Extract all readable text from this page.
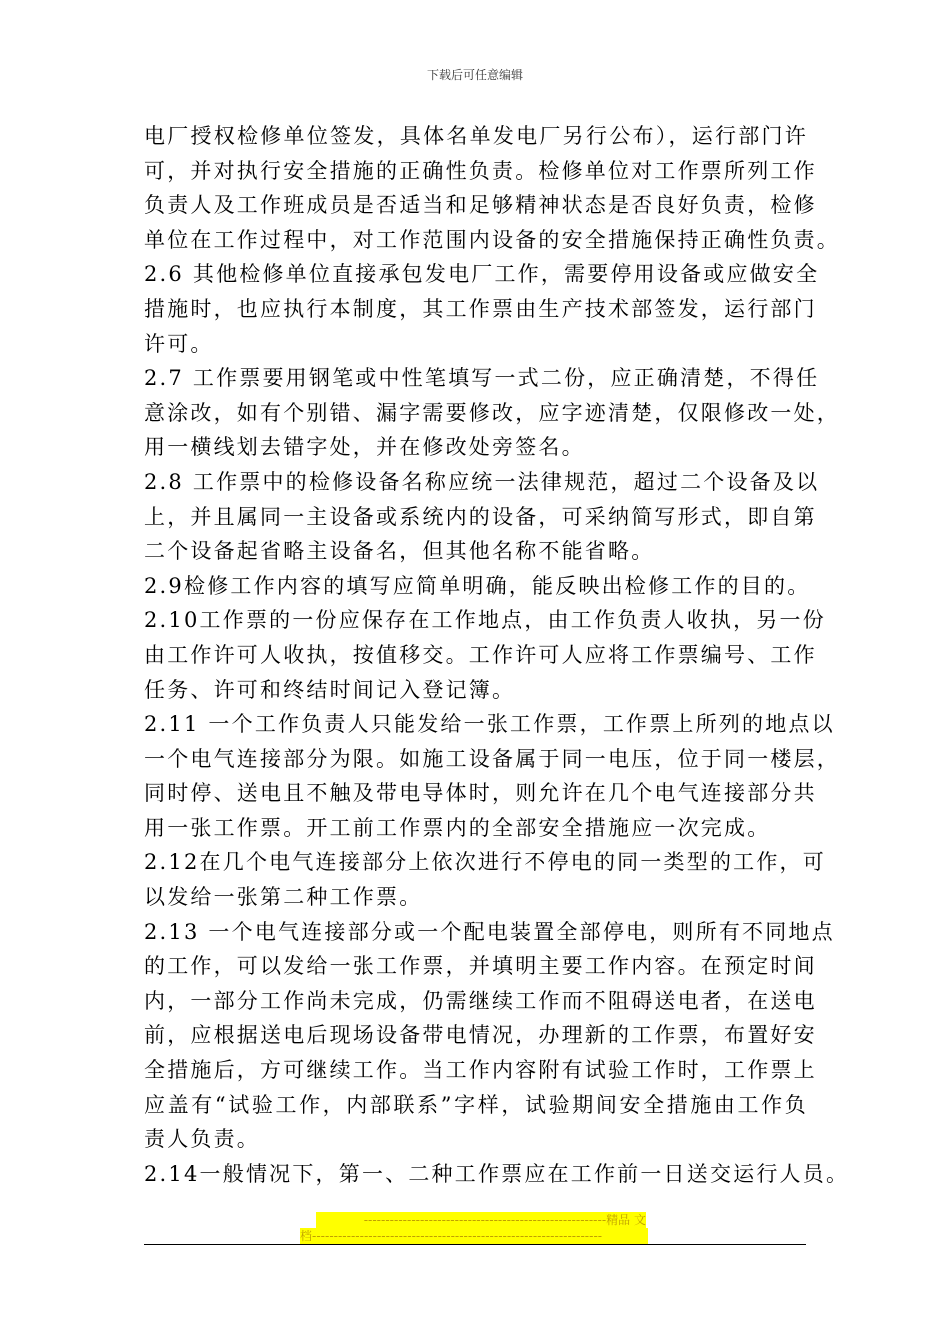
下载后可任意编辑
电厂授权检修单位签发，具体名单发电厂另行公布），运行部门许
可，并对执行安全措施的正确性负责。检修单位对工作票所列工作
负责人及工作班成员是否适当和足够精神状态是否良好负责，检修
单位在工作过程中，对工作范围内设备的安全措施保持正确性负责。
2.6 其他检修单位直接承包发电厂工作，需要停用设备或应做安全
措施时，也应执行本制度，其工作票由生产技术部签发，运行部门
许可。
2.7 工作票要用钢笔或中性笔填写一式二份，应正确清楚，不得任
意涂改，如有个别错、漏字需要修改，应字迹清楚，仅限修改一处，
用一横线划去错字处，并在修改处旁签名。
2.8 工作票中的检修设备名称应统一法律规范，超过二个设备及以
上，并且属同一主设备或系统内的设备，可采纳简写形式，即自第
二个设备起省略主设备名，但其他名称不能省略。
2.9检修工作内容的填写应简单明确，能反映出检修工作的目的。
2.10工作票的一份应保存在工作地点，由工作负责人收执，另一份
由工作许可人收执，按值移交。工作许可人应将工作票编号、工作
任务、许可和终结时间记入登记簿。
2.11 一个工作负责人只能发给一张工作票，工作票上所列的地点以
一个电气连接部分为限。如施工设备属于同一电压，位于同一楼层，
同时停、送电且不触及带电导体时，则允许在几个电气连接部分共
用一张工作票。开工前工作票内的全部安全措施应一次完成。
2.12在几个电气连接部分上依次进行不停电的同一类型的工作，可
以发给一张第二种工作票。
2.13 一个电气连接部分或一个配电装置全部停电，则所有不同地点
的工作，可以发给一张工作票，并填明主要工作内容。在预定时间
内，一部分工作尚未完成，仍需继续工作而不阻碍送电者，在送电
前，应根据送电后现场设备带电情况，办理新的工作票，布置好安
全措施后，方可继续工作。当工作内容附有试验工作时，工作票上
应盖有“试验工作，内部联系”字样，试验期间安全措施由工作负
责人负责。
2.14一般情况下，第一、二种工作票应在工作前一日送交运行人员。
--------------------------------------------------------精品 文
档-------------------------------------------------------------------
